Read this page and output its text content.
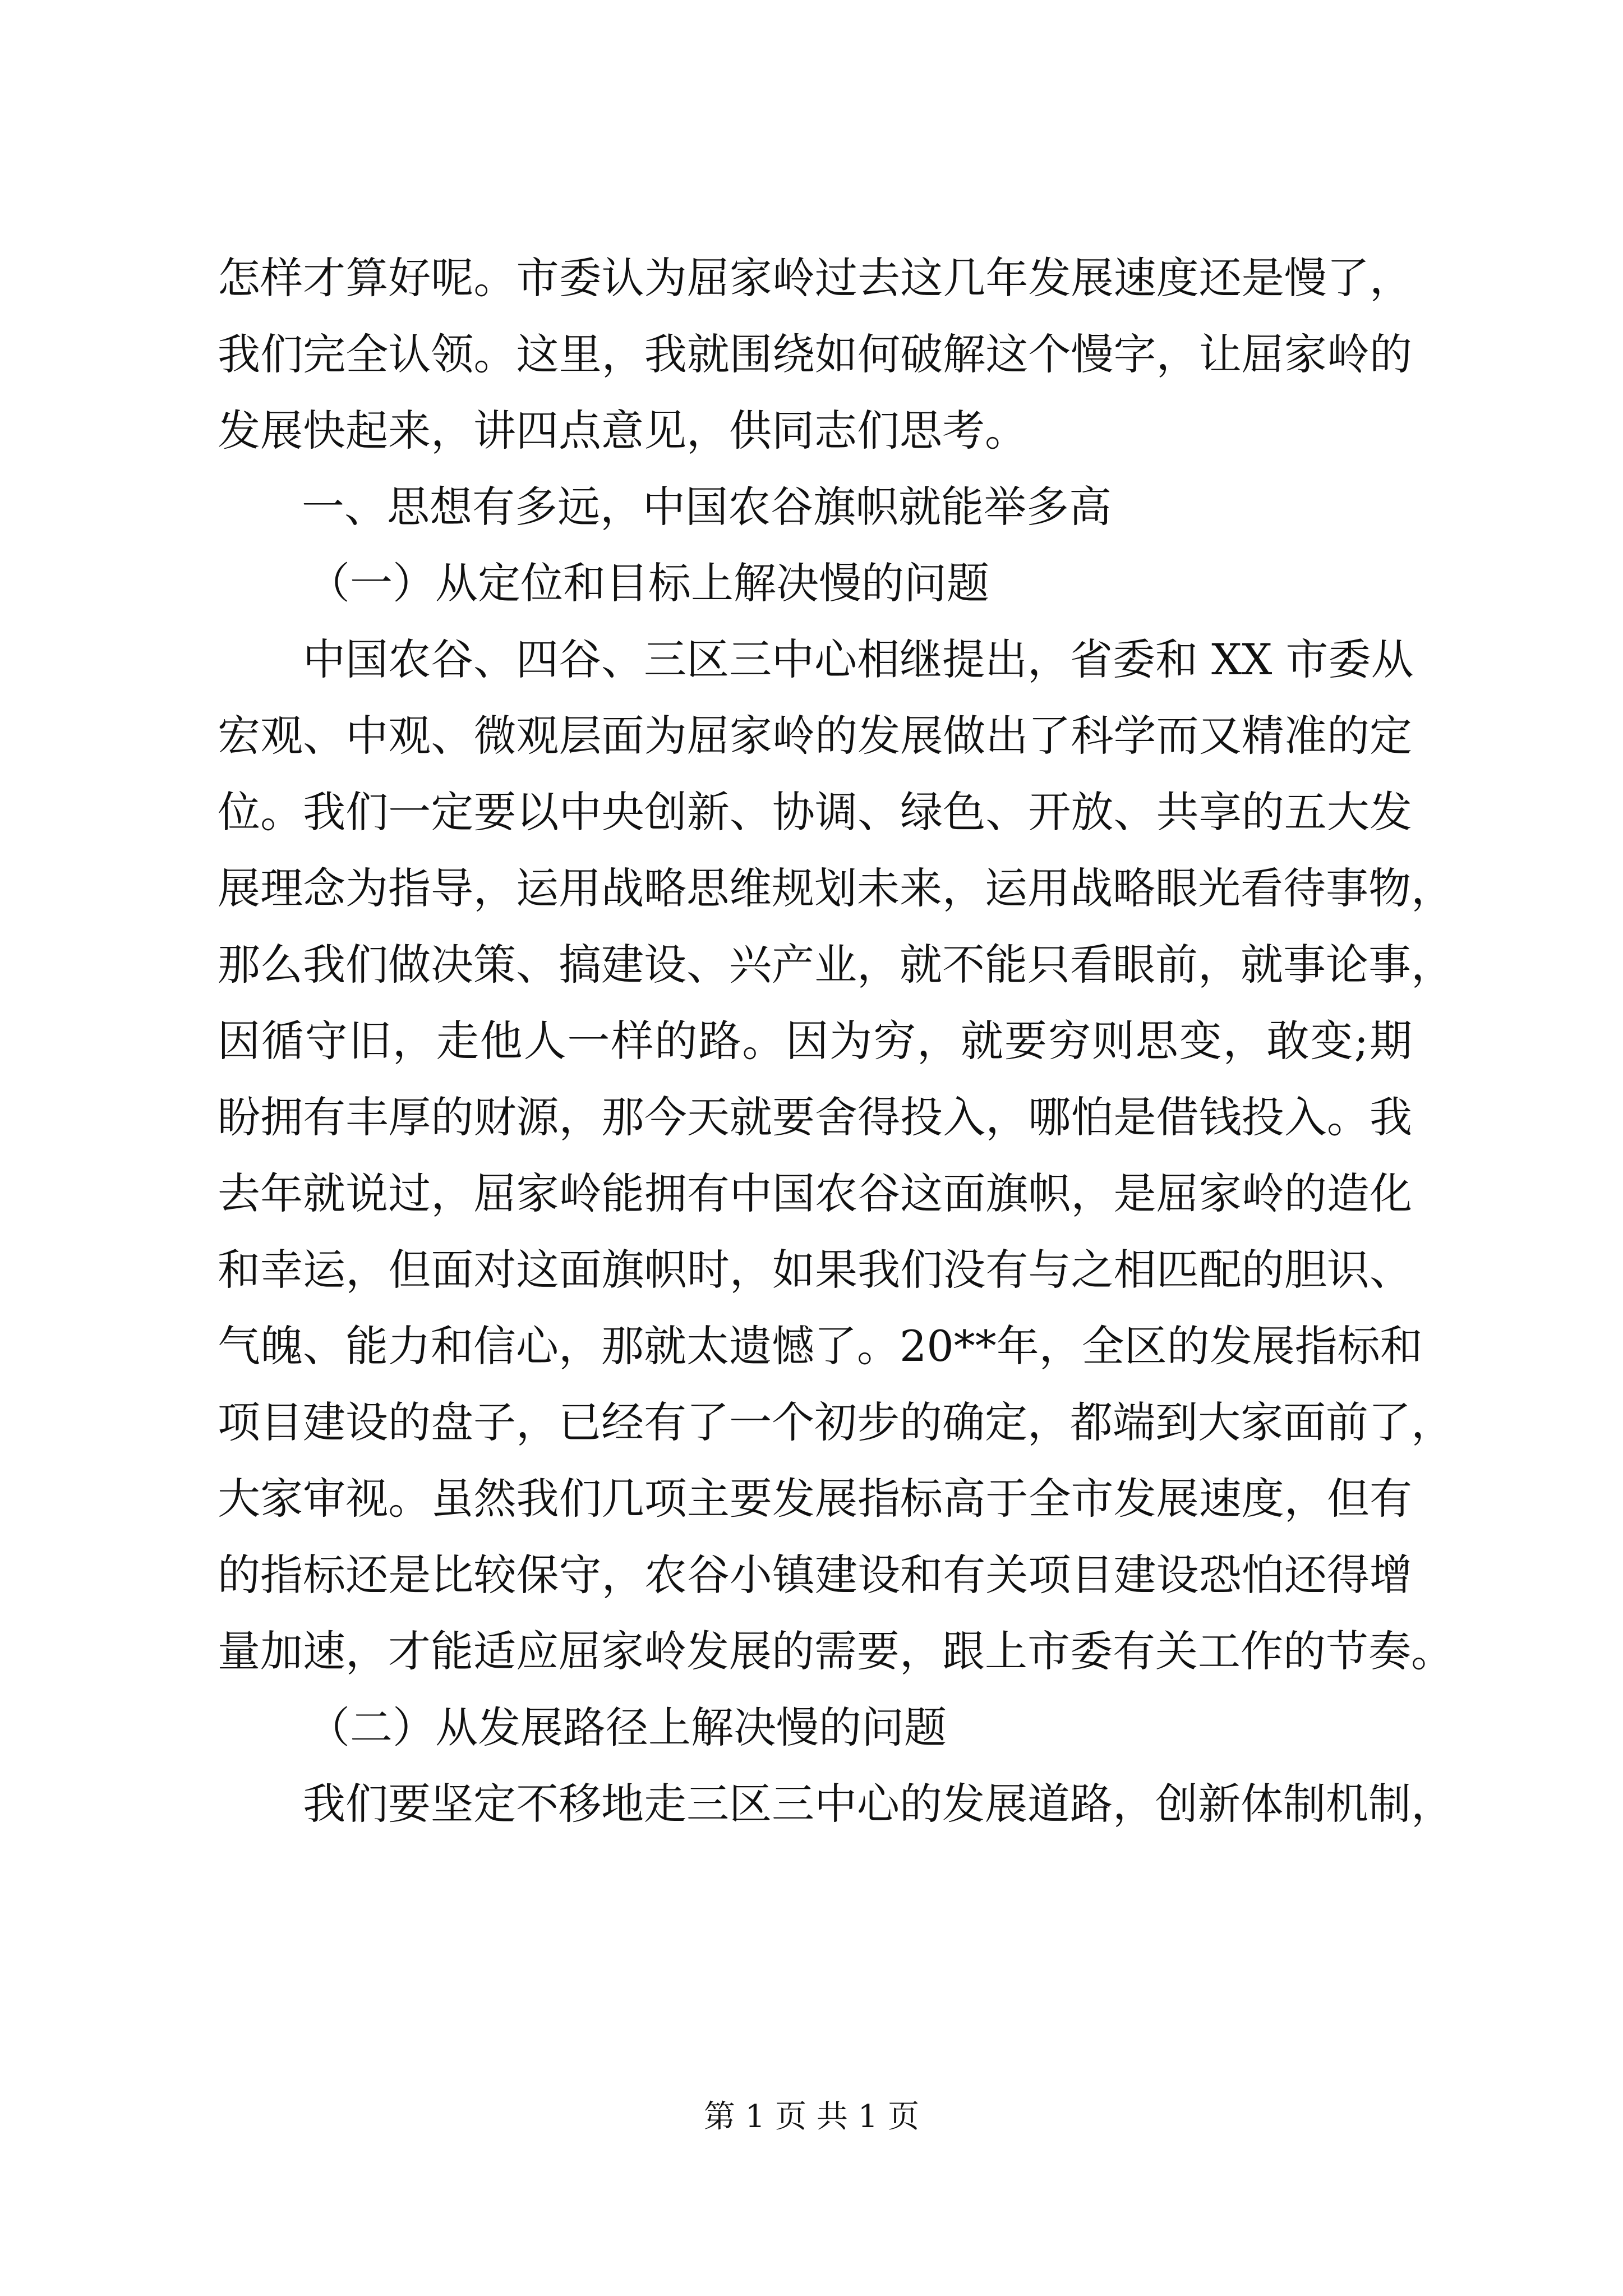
怎样才算好呢。市委认为屈家岭过去这几年发展速度还是慢了，
我们完全认领。这里，我就围绕如何破解这个慢字，让屈家岭的
发展快起来，讲四点意见，供同志们思考。
一、思想有多远，中国农谷旗帜就能举多高
（一）从定位和目标上解决慢的问题
中国农谷、四谷、三区三中心相继提出，省委和 XX 市委从
宏观、中观、微观层面为屈家岭的发展做出了科学而又精准的定
位。我们一定要以中央创新、协调、绿色、开放、共享的五大发
展理念为指导，运用战略思维规划未来，运用战略眼光看待事物，
那么我们做决策、搞建设、兴产业，就不能只看眼前，就事论事，
因循守旧，走他人一样的路。因为穷，就要穷则思变，敢变;期
盼拥有丰厚的财源，那今天就要舍得投入，哪怕是借钱投入。我
去年就说过，屈家岭能拥有中国农谷这面旗帜，是屈家岭的造化
和幸运，但面对这面旗帜时，如果我们没有与之相匹配的胆识、
气魄、能力和信心，那就太遗憾了。20**年，全区的发展指标和
项目建设的盘子，已经有了一个初步的确定，都端到大家面前了，
大家审视。虽然我们几项主要发展指标高于全市发展速度，但有
的指标还是比较保守，农谷小镇建设和有关项目建设恐怕还得增
量加速，才能适应屈家岭发展的需要，跟上市委有关工作的节奏。
（二）从发展路径上解决慢的问题
我们要坚定不移地走三区三中心的发展道路，创新体制机制，
第 1 页 共 1 页
